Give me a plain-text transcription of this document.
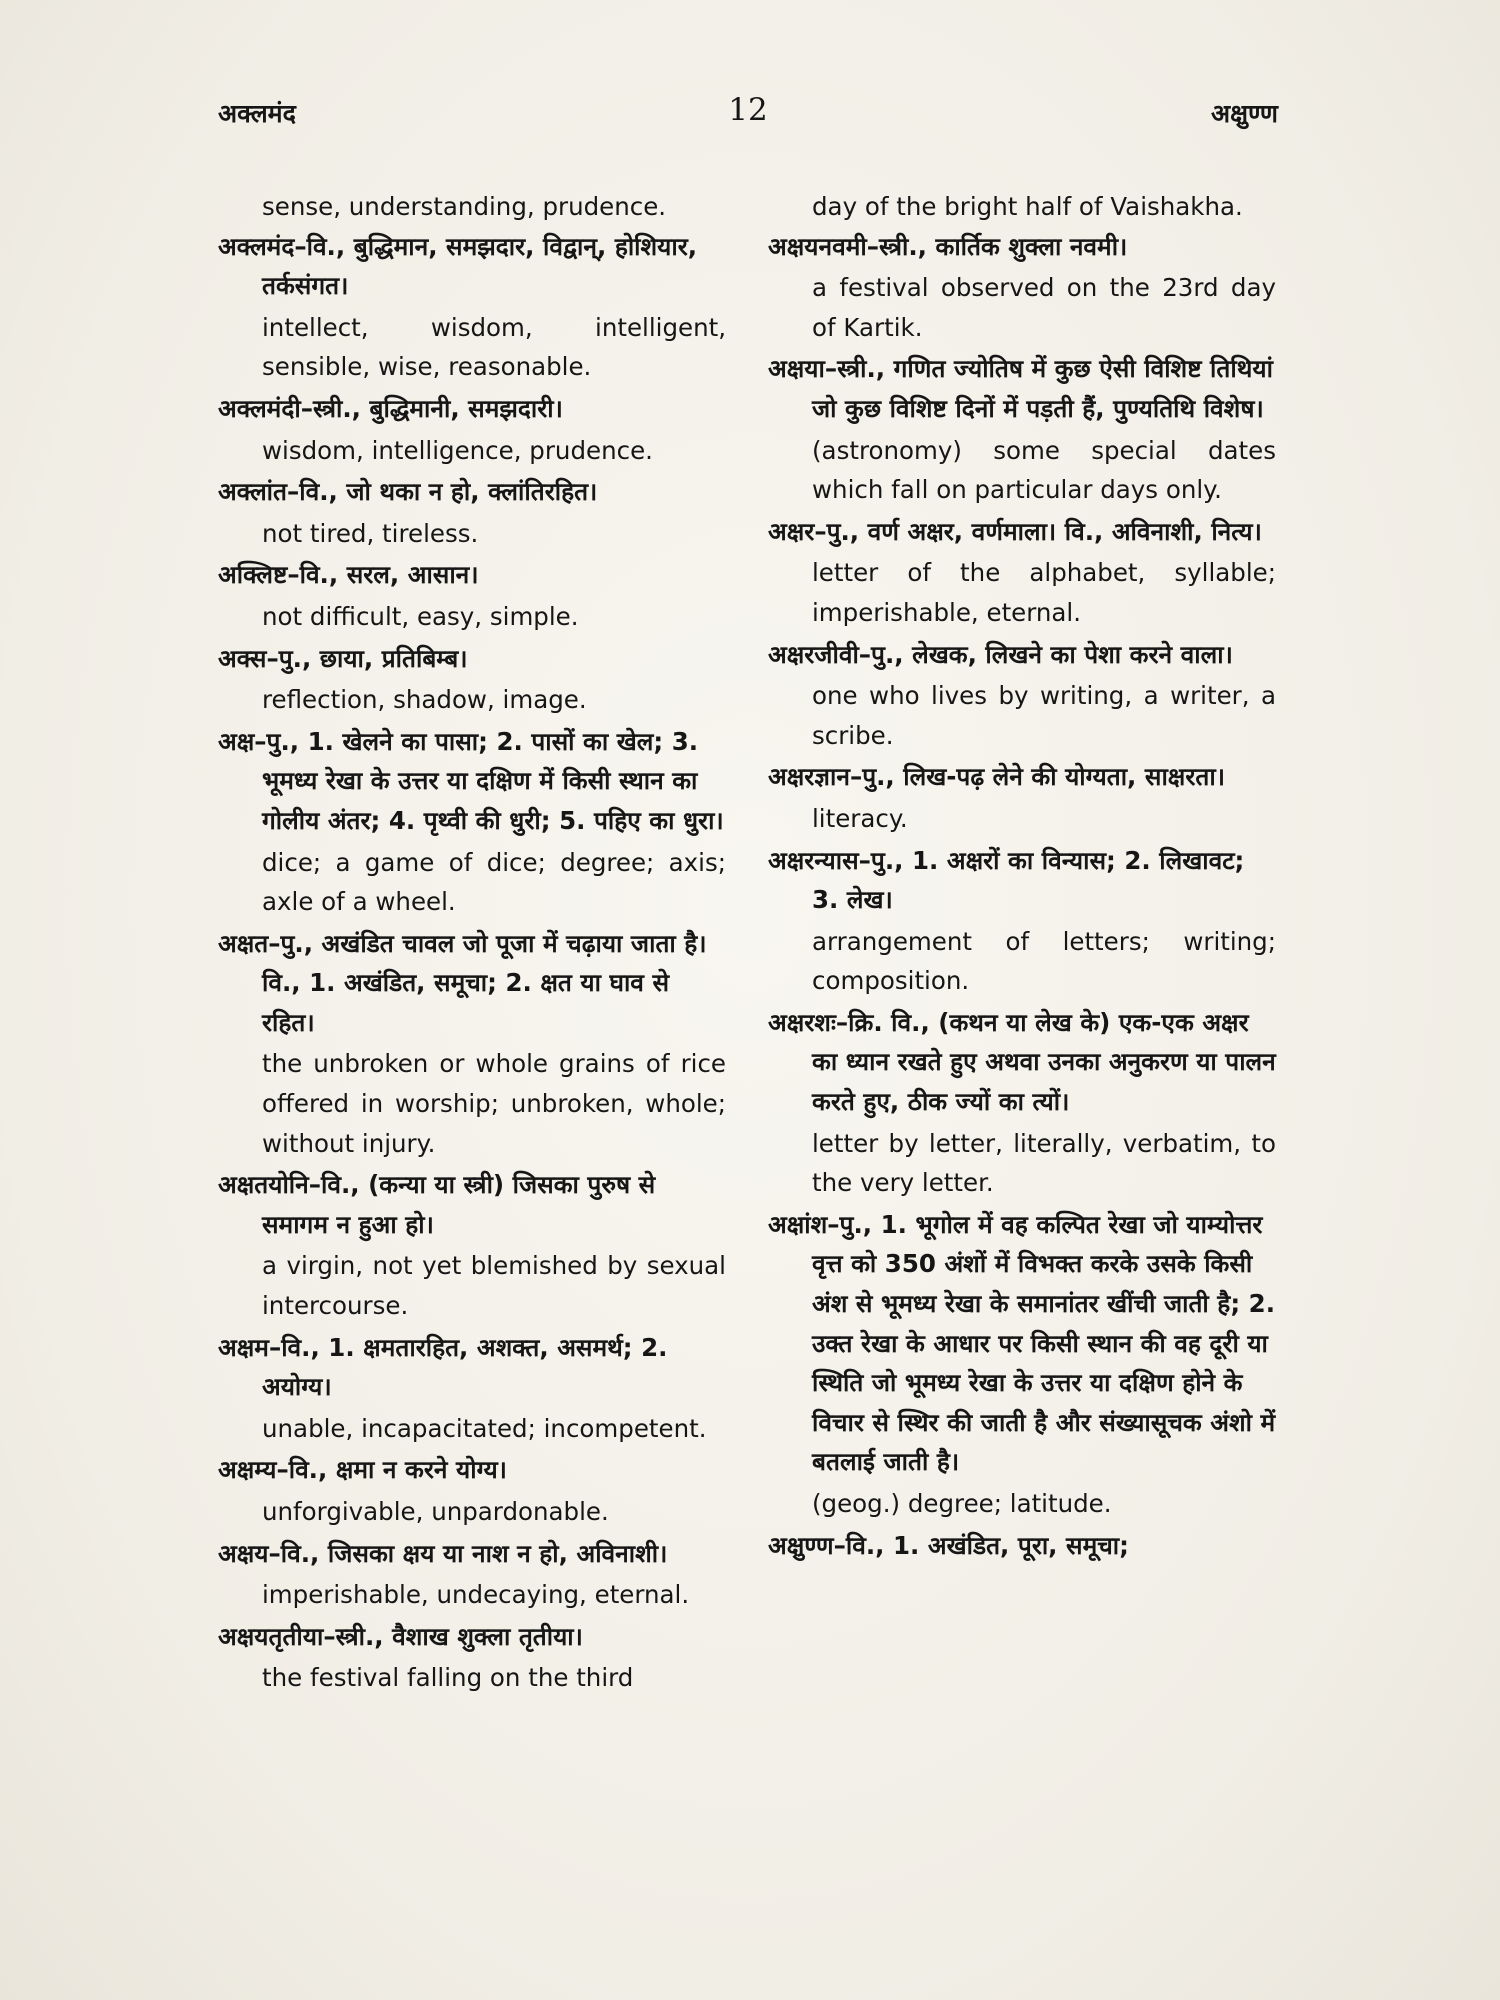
अक्लमंद	12	अक्षुण्ण
sense, understanding, prudence.
अक्लमंद–वि., बुद्धिमान, समझदार, विद्वान्, होशियार, तर्कसंगत।
intellect, wisdom, intelligent, sensible, wise, reasonable.
अक्लमंदी–स्त्री., बुद्धिमानी, समझदारी।
wisdom, intelligence, prudence.
अक्लांत–वि., जो थका न हो, क्लांतिरहित।
not tired, tireless.
अक्लिष्ट–वि., सरल, आसान।
not difficult, easy, simple.
अक्स–पु., छाया, प्रतिबिम्ब।
reflection, shadow, image.
अक्ष–पु., 1. खेलने का पासा; 2. पासों का खेल; 3. भूमध्य रेखा के उत्तर या दक्षिण में किसी स्थान का गोलीय अंतर; 4. पृथ्वी की धुरी; 5. पहिए का धुरा।
dice; a game of dice; degree; axis; axle of a wheel.
अक्षत–पु., अखंडित चावल जो पूजा में चढ़ाया जाता है। वि., 1. अखंडित, समूचा; 2. क्षत या घाव से रहित।
the unbroken or whole grains of rice offered in worship; unbroken, whole; without injury.
अक्षतयोनि–वि., (कन्या या स्त्री) जिसका पुरुष से समागम न हुआ हो।
a virgin, not yet blemished by sexual intercourse.
अक्षम–वि., 1. क्षमतारहित, अशक्त, असमर्थ; 2. अयोग्य।
unable, incapacitated; incompetent.
अक्षम्य–वि., क्षमा न करने योग्य।
unforgivable, unpardonable.
अक्षय–वि., जिसका क्षय या नाश न हो, अविनाशी।
imperishable, undecaying, eternal.
अक्षयतृतीया–स्त्री., वैशाख शुक्ला तृतीया।
the festival falling on the third
day of the bright half of Vaishakha.
अक्षयनवमी–स्त्री., कार्तिक शुक्ला नवमी।
a festival observed on the 23rd day of Kartik.
अक्षया–स्त्री., गणित ज्योतिष में कुछ ऐसी विशिष्ट तिथियां जो कुछ विशिष्ट दिनों में पड़ती हैं, पुण्यतिथि विशेष।
(astronomy) some special dates which fall on particular days only.
अक्षर–पु., वर्ण अक्षर, वर्णमाला। वि., अविनाशी, नित्य।
letter of the alphabet, syllable; imperishable, eternal.
अक्षरजीवी–पु., लेखक, लिखने का पेशा करने वाला।
one who lives by writing, a writer, a scribe.
अक्षरज्ञान–पु., लिख-पढ़ लेने की योग्यता, साक्षरता।
literacy.
अक्षरन्यास–पु., 1. अक्षरों का विन्यास; 2. लिखावट; 3. लेख।
arrangement of letters; writing; composition.
अक्षरशः–क्रि. वि., (कथन या लेख के) एक-एक अक्षर का ध्यान रखते हुए अथवा उनका अनुकरण या पालन करते हुए, ठीक ज्यों का त्यों।
letter by letter, literally, verbatim, to the very letter.
अक्षांश–पु., 1. भूगोल में वह कल्पित रेखा जो याम्योत्तर वृत्त को 350 अंशों में विभक्त करके उसके किसी अंश से भूमध्य रेखा के समानांतर खींची जाती है; 2. उक्त रेखा के आधार पर किसी स्थान की वह दूरी या स्थिति जो भूमध्य रेखा के उत्तर या दक्षिण होने के विचार से स्थिर की जाती है और संख्यासूचक अंशो में बतलाई जाती है।
(geog.) degree; latitude.
अक्षुण्ण–वि., 1. अखंडित, पूरा, समूचा;
